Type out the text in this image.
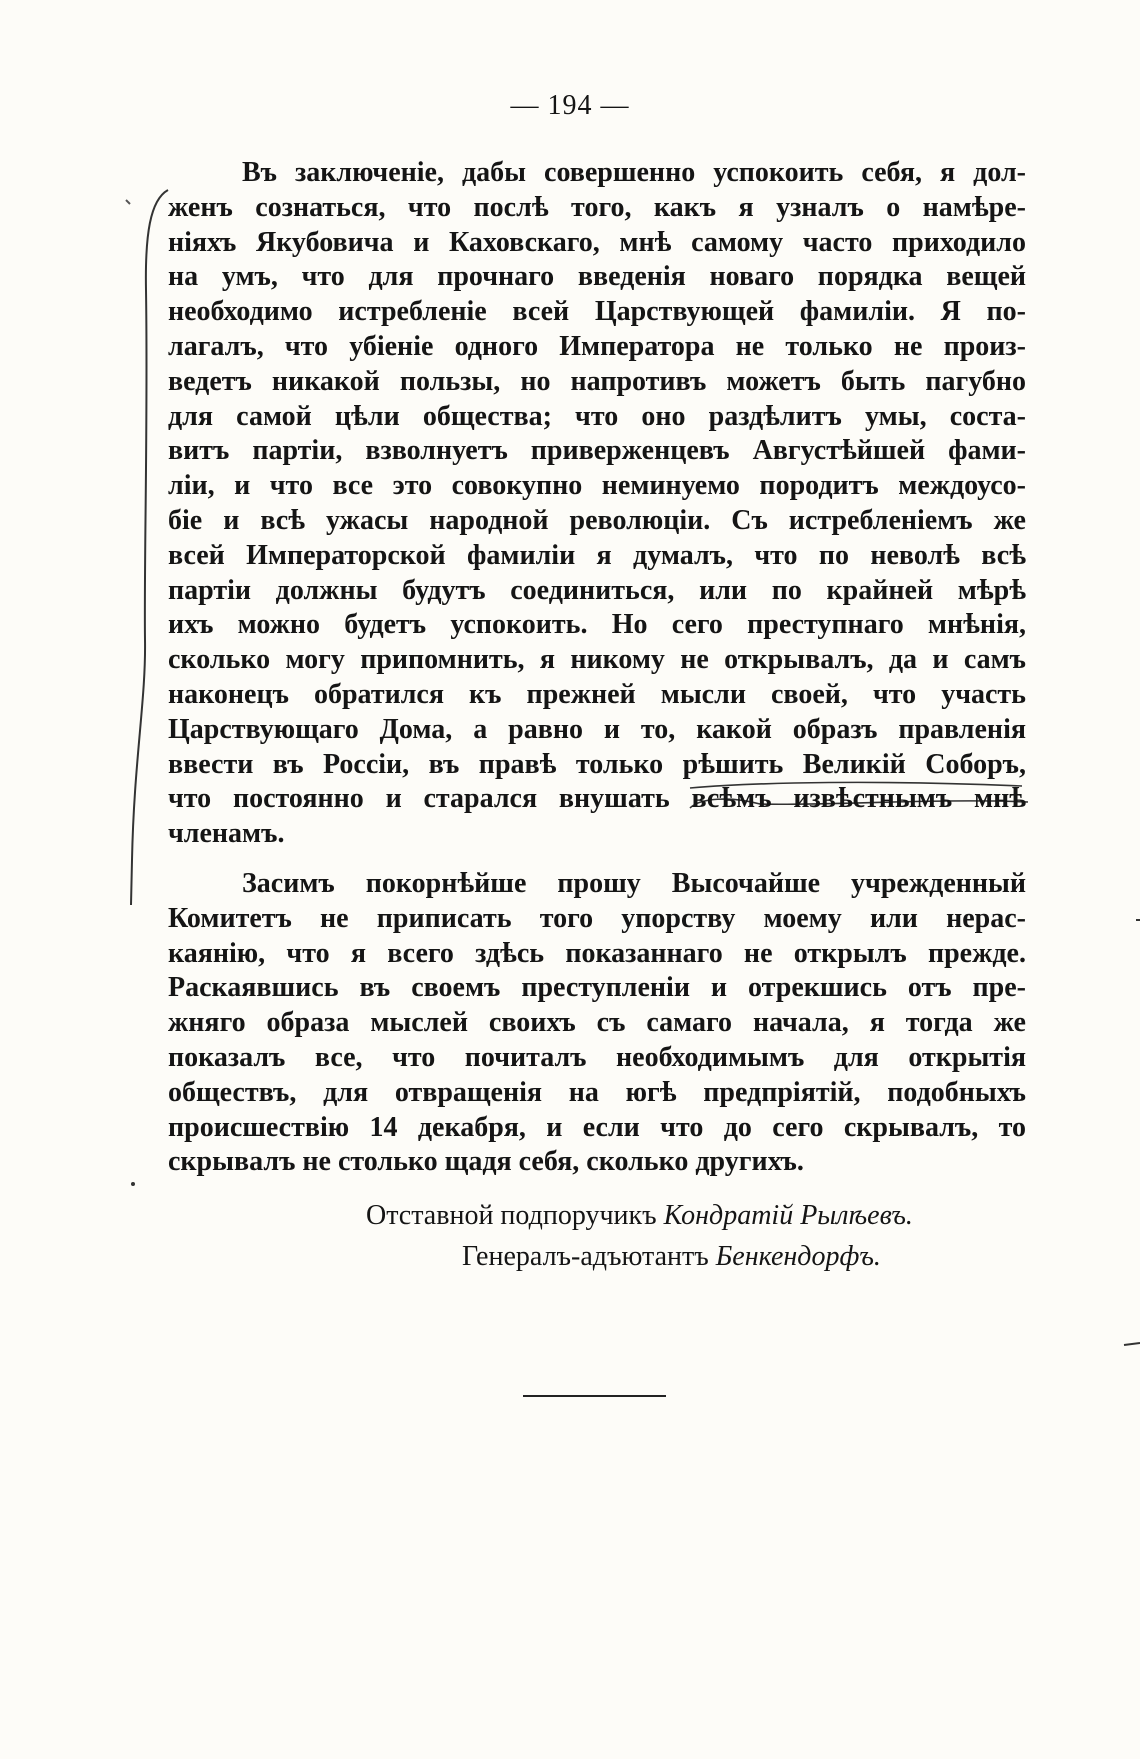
— 194 —
Въ заключеніе, дабы совершенно успокоить себя, я дол-
женъ сознаться, что послѣ того, какъ я узналъ о намѣре-
ніяхъ Якубовича и Каховскаго, мнѣ самому часто приходило
на умъ, что для прочнаго введенія новаго порядка вещей
необходимо истребленіе всей Царствующей фамиліи. Я по-
лагалъ, что убіеніе одного Императора не только не произ-
ведетъ никакой пользы, но напротивъ можетъ быть пагубно
для самой цѣли общества; что оно раздѣлитъ умы, соста-
витъ партіи, взволнуетъ приверженцевъ Августѣйшей фами-
ліи, и что все это совокупно неминуемо породитъ междоусо-
біе и всѣ ужасы народной революціи. Съ истребленіемъ же
всей Императорской фамиліи я думалъ, что по неволѣ всѣ
партіи должны будутъ соединиться, или по крайней мѣрѣ
ихъ можно будетъ успокоить. Но сего преступнаго мнѣнія,
сколько могу припомнить, я никому не открывалъ, да и самъ
наконецъ обратился къ прежней мысли своей, что участь
Царствующаго Дома, а равно и то, какой образъ правленія
ввести въ Россіи, въ правѣ только рѣшить Великій Соборъ,
что постоянно и старался внушать всѣмъ извѣстнымъ мнѣ
членамъ.
Засимъ покорнѣйше прошу Высочайше учрежденный
Комитетъ не приписать того упорству моему или нерас-
каянію, что я всего здѣсь показаннаго не открылъ прежде.
Раскаявшись въ своемъ преступленіи и отрекшись отъ пре-
жняго образа мыслей своихъ съ самаго начала, я тогда же
показалъ все, что почиталъ необходимымъ для открытія
обществъ, для отвращенія на югѣ предпріятій, подобныхъ
происшествію 14 декабря, и если что до сего скрывалъ, то
скрывалъ не столько щадя себя, сколько другихъ.
Отставной подпоручикъ Кондратій Рылѣевъ.
Генералъ-адъютантъ Бенкендорфъ.
